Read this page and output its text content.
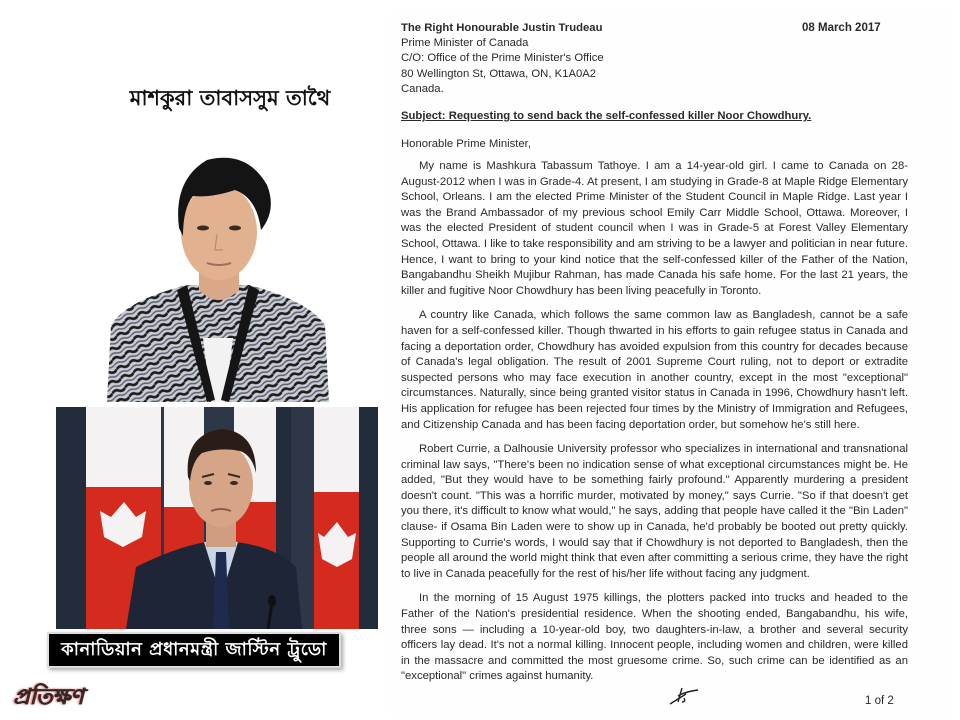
মাশকুরা তাবাসসুম তাথৈ
কানাডিয়ান প্রধানমন্ত্রী জাস্টিন ট্রুডো
প্রতিক্ষণ
The Right Honourable Justin Trudeau
Prime Minister of Canada
C/O: Office of the Prime Minister's Office
80 Wellington St, Ottawa, ON, K1A0A2
Canada.
08 March 2017
Subject: Requesting to send back the self-confessed killer Noor Chowdhury.
Honorable Prime Minister,

My name is Mashkura Tabassum Tathoye. I am a 14-year-old girl. I came to Canada on 28-August-2012 when I was in Grade-4. At present, I am studying in Grade-8 at Maple Ridge Elementary School, Orleans. I am the elected Prime Minister of the Student Council in Maple Ridge. Last year I was the Brand Ambassador of my previous school Emily Carr Middle School, Ottawa. Moreover, I was the elected President of student council when I was in Grade-5 at Forest Valley Elementary School, Ottawa. I like to take responsibility and am striving to be a lawyer and politician in near future. Hence, I want to bring to your kind notice that the self-confessed killer of the Father of the Nation, Bangabandhu Sheikh Mujibur Rahman, has made Canada his safe home. For the last 21 years, the killer and fugitive Noor Chowdhury has been living peacefully in Toronto.

A country like Canada, which follows the same common law as Bangladesh, cannot be a safe haven for a self-confessed killer. Though thwarted in his efforts to gain refugee status in Canada and facing a deportation order, Chowdhury has avoided expulsion from this country for decades because of Canada's legal obligation. The result of 2001 Supreme Court ruling, not to deport or extradite suspected persons who may face execution in another country, except in the most "exceptional" circumstances. Naturally, since being granted visitor status in Canada in 1996, Chowdhury hasn't left. His application for refugee has been rejected four times by the Ministry of Immigration and Refugees, and Citizenship Canada and has been facing deportation order, but somehow he's still here.

Robert Currie, a Dalhousie University professor who specializes in international and transnational criminal law says, "There's been no indication sense of what exceptional circumstances might be. He added, "But they would have to be something fairly profound." Apparently murdering a president doesn't count. "This was a horrific murder, motivated by money," says Currie. "So if that doesn't get you there, it's difficult to know what would," he says, adding that people have called it the "Bin Laden" clause- if Osama Bin Laden were to show up in Canada, he'd probably be booted out pretty quickly. Supporting to Currie's words, I would say that if Chowdhury is not deported to Bangladesh, then the people all around the world might think that even after committing a serious crime, they have the right to live in Canada peacefully for the rest of his/her life without facing any judgment.

In the morning of 15 August 1975 killings, the plotters packed into trucks and headed to the Father of the Nation's presidential residence. When the shooting ended, Bangabandhu, his wife, three sons — including a 10-year-old boy, two daughters-in-law, a brother and several security officers lay dead. It's not a normal killing. Innocent people, including women and children, were killed in the massacre and committed the most gruesome crime. So, such crime can be identified as an "exceptional" crimes against humanity.

1 of 2
